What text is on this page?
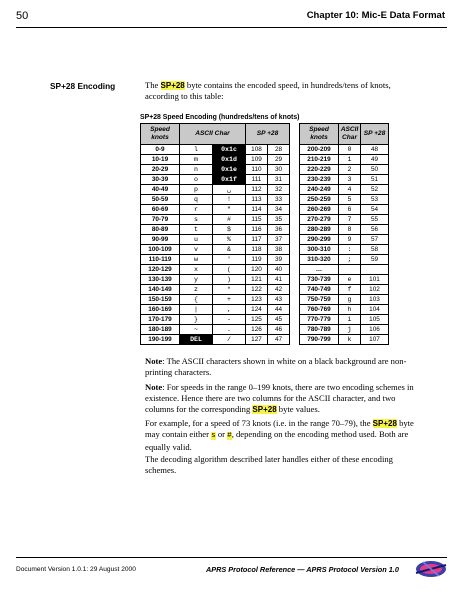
50	Chapter 10: Mic-E Data Format
SP+28 Encoding	The SP+28 byte contains the encoded speed, in hundreds/tens of knots, according to this table:
SP+28 Speed Encoding (hundreds/tens of knots)
Speed knots	ASCII Char		SP +28	
0-9	l	0x1c	108	28
10-19	m	0x1d	109	29
20-29	n	0x1e	110	30
30-39	o	0x1f	111	31
40-49	p	␣	112	32
50-59	q	!	113	33
60-69	r	"	114	34
70-79	s	#	115	35
80-89	t	$	116	36
90-99	u	%	117	37
100-109	v	&	118	38
110-119	w	'	119	39
120-129	x	(	120	40
130-139	y	)	121	41
140-149	z	*	122	42
150-159	{	+	123	43
160-169	|	,	124	44
170-179	}	-	125	45
180-189	~	.	126	46
190-199	DEL	/	127	47
Speed knots	ASCII Char	SP +28
200-209	0	48
210-219	1	49
220-229	2	50
230-239	3	51
240-249	4	52
250-259	5	53
260-269	6	54
270-279	7	55
280-289	8	56
290-299	9	57
300-310	:	58
310-320	;	59
…		
730-739	e	101
740-749	f	102
750-759	g	103
760-769	h	104
770-779	i	105
780-789	j	106
790-799	k	107
Note: The ASCII characters shown in white on a black background are non-printing characters.
Note: For speeds in the range 0–199 knots, there are two encoding schemes in existence. Hence there are two columns for the ASCII character, and two columns for the corresponding SP+28 byte values.
For example, for a speed of 73 knots (i.e. in the range 70–79), the SP+28 byte may contain either s or #, depending on the encoding method used. Both are equally valid.
The decoding algorithm described later handles either of these encoding schemes.
Document Version 1.0.1: 29 August 2000	APRS Protocol Reference — APRS Protocol Version 1.0
